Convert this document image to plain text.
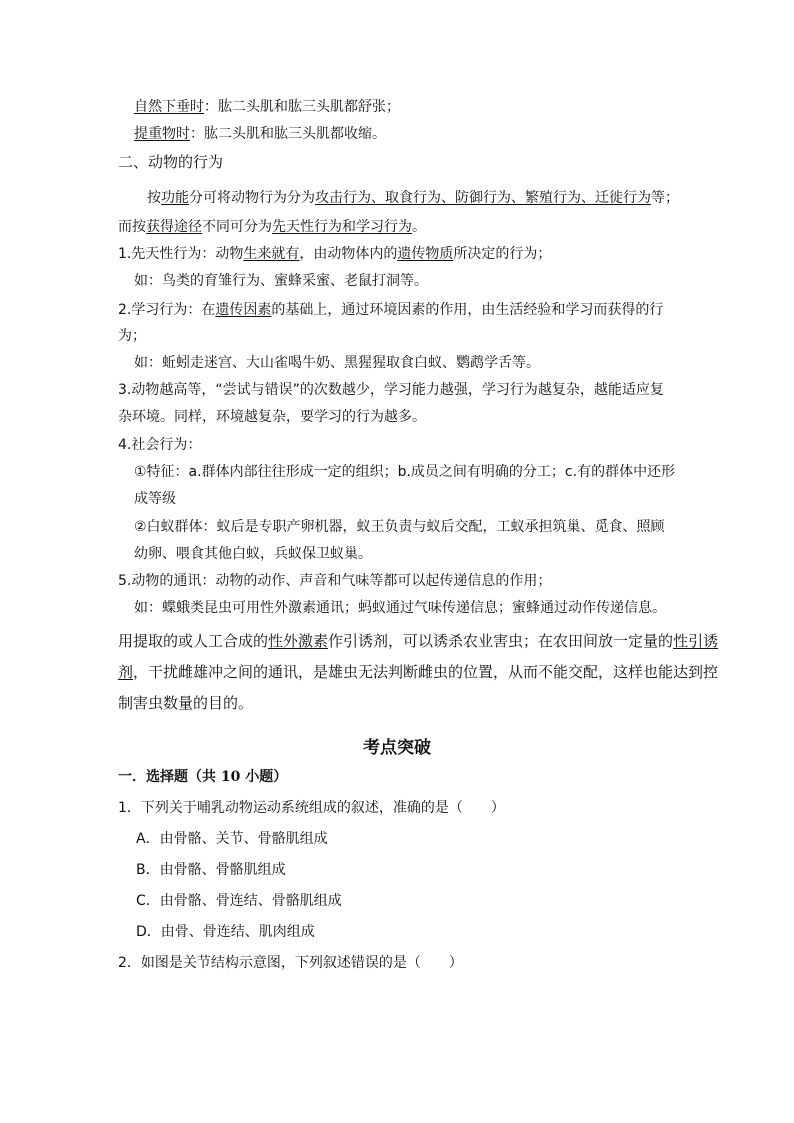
自然下垂时：肱二头肌和肱三头肌都舒张；
提重物时：肱二头肌和肱三头肌都收缩。
二、动物的行为
按功能分可将动物行为分为攻击行为、取食行为、防御行为、繁殖行为、迁徙行为等；
而按获得途径不同可分为先天性行为和学习行为。
1.先天性行为：动物生来就有，由动物体内的遗传物质所决定的行为；
如：鸟类的育雏行为、蜜蜂采蜜、老鼠打洞等。
2.学习行为：在遗传因素的基础上，通过环境因素的作用，由生活经验和学习而获得的行
为；
如：蚯蚓走迷宫、大山雀喝牛奶、黑猩猩取食白蚁、鹦鹉学舌等。
3.动物越高等，“尝试与错误”的次数越少，学习能力越强，学习行为越复杂，越能适应复
杂环境。同样，环境越复杂，要学习的行为越多。
4.社会行为：
①特征：a.群体内部往往形成一定的组织；b.成员之间有明确的分工；c.有的群体中还形
成等级
②白蚁群体：蚁后是专职产卵机器，蚁王负责与蚁后交配，工蚁承担筑巢、觅食、照顾
幼卵、喂食其他白蚁，兵蚁保卫蚁巢。
5.动物的通讯：动物的动作、声音和气味等都可以起传递信息的作用；
如：蝶蛾类昆虫可用性外激素通讯；蚂蚁通过气味传递信息；蜜蜂通过动作传递信息。
用提取的或人工合成的性外激素作引诱剂，可以诱杀农业害虫；在农田间放一定量的性引诱
剂，干扰雌雄冲之间的通讯，是雄虫无法判断雌虫的位置，从而不能交配，这样也能达到控
制害虫数量的目的。
考点突破
一．选择题（共 10 小题）
1．下列关于哺乳动物运动系统组成的叙述，准确的是（　　）
A．由骨骼、关节、骨骼肌组成
B．由骨骼、骨骼肌组成
C．由骨骼、骨连结、骨骼肌组成
D．由骨、骨连结、肌肉组成
2．如图是关节结构示意图，下列叙述错误的是（　　）
